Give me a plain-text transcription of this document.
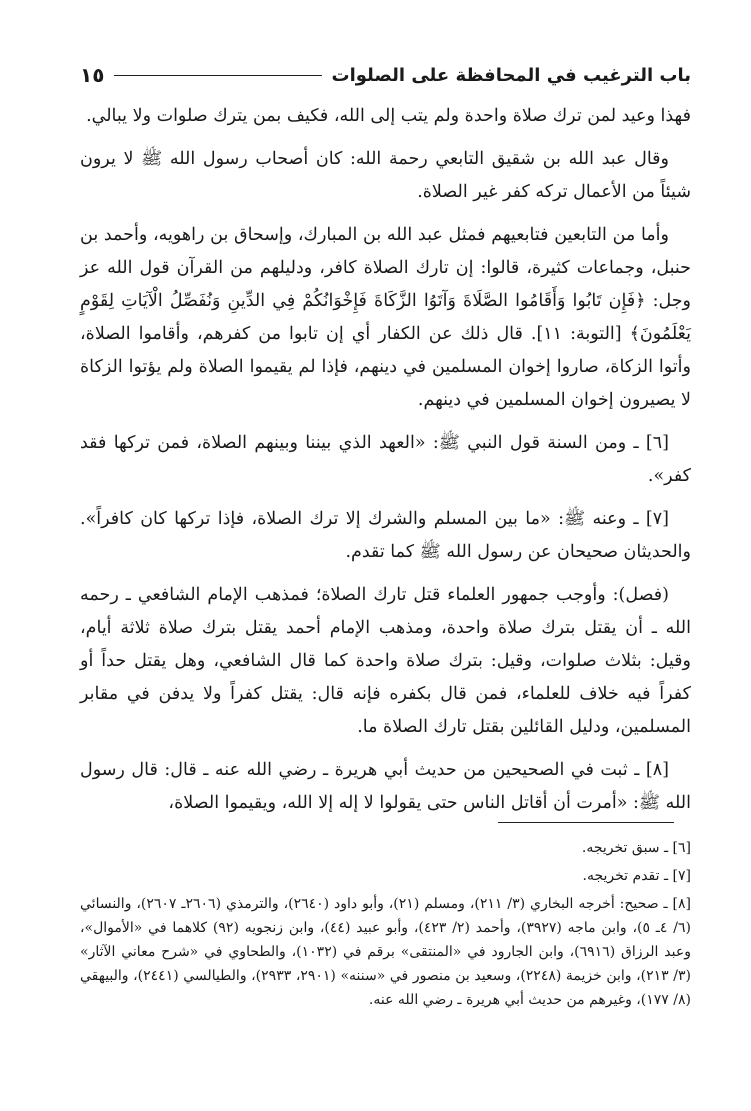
باب الترغيب في المحافظة على الصلوات
١٥

فهذا وعيد لمن ترك صلاة واحدة ولم يتب إلى الله، فكيف بمن يترك صلوات ولا يبالي.

وقال عبد الله بن شقيق التابعي رحمة الله: كان أصحاب رسول الله ﷺ لا يرون شيئاً من الأعمال تركه كفر غير الصلاة.

وأما من التابعين فتابعيهم فمثل عبد الله بن المبارك، وإسحاق بن راهويه، وأحمد بن حنبل، وجماعات كثيرة، قالوا: إن تارك الصلاة كافر، ودليلهم من القرآن قول الله عز وجل: ﴿فَإِن تَابُوا وَأَقَامُوا الصَّلَاةَ وَآتَوُا الزَّكَاةَ فَإِخْوَانُكُمْ فِي الدِّينِ وَنُفَصِّلُ الْآيَاتِ لِقَوْمٍ يَعْلَمُونَ﴾ [التوبة: ١١]. قال ذلك عن الكفار أي إن تابوا من كفرهم، وأقاموا الصلاة، وأتوا الزكاة، صاروا إخوان المسلمين في دينهم، فإذا لم يقيموا الصلاة ولم يؤتوا الزكاة لا يصيرون إخوان المسلمين في دينهم.

[٦] ـ ومن السنة قول النبي ﷺ: «العهد الذي بيننا وبينهم الصلاة، فمن تركها فقد كفر».

[٧] ـ وعنه ﷺ: «ما بين المسلم والشرك إلا ترك الصلاة، فإذا تركها كان كافراً». والحديثان صحيحان عن رسول الله ﷺ كما تقدم.

(فصل): وأوجب جمهور العلماء قتل تارك الصلاة؛ فمذهب الإمام الشافعي ـ رحمه الله ـ أن يقتل بترك صلاة واحدة، ومذهب الإمام أحمد يقتل بترك صلاة ثلاثة أيام، وقيل: بثلاث صلوات، وقيل: بترك صلاة واحدة كما قال الشافعي، وهل يقتل حداً أو كفراً فيه خلاف للعلماء، فمن قال بكفره فإنه قال: يقتل كفراً ولا يدفن في مقابر المسلمين، ودليل القائلين بقتل تارك الصلاة ما.

[٨] ـ ثبت في الصحيحين من حديث أبي هريرة ـ رضي الله عنه ـ قال: قال رسول الله ﷺ: «أمرت أن أقاتل الناس حتى يقولوا لا إله إلا الله، ويقيموا الصلاة،

[٦] ـ سبق تخريجه.

[٧] ـ تقدم تخريجه.

[٨] ـ صحيح: أخرجه البخاري (٣/ ٢١١)، ومسلم (٢١)، وأبو داود (٢٦٤٠)، والترمذي (٢٦٠٦ـ ٢٦٠٧)، والنسائي (٦/ ٤ـ ٥)، وابن ماجه (٣٩٢٧)، وأحمد (٢/ ٤٢٣)، وأبو عبيد (٤٤)، وابن زنجويه (٩٢) كلاهما في «الأموال»، وعبد الرزاق (٦٩١٦)، وابن الجارود في «المنتقى» برقم في (١٠٣٢)، والطحاوي في «شرح معاني الآثار» (٣/ ٢١٣)، وابن خزيمة (٢٢٤٨)، وسعيد بن منصور في «سننه» (٢٩٠١، ٢٩٣٣)، والطيالسي (٢٤٤١)، والبيهقي (٨/ ١٧٧)، وغيرهم من حديث أبي هريرة ـ رضي الله عنه.
